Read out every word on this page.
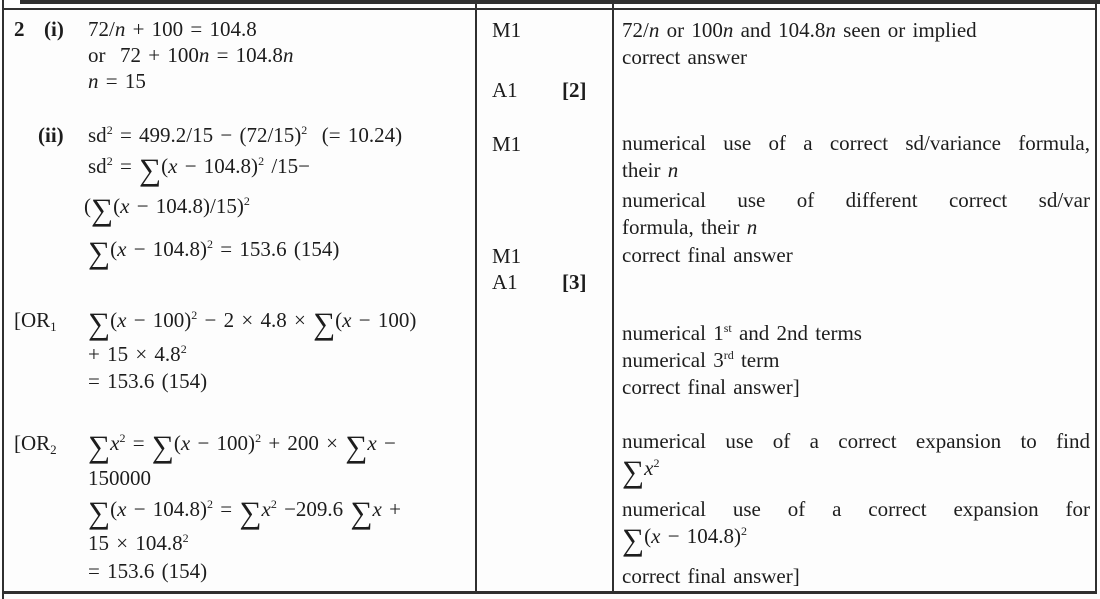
2 (i) 72/n + 100 = 104.8
or  72 + 100n = 104.8n
n = 15
(ii) $sd^2 = 499.2/15 - (72/15)^2$  (= 10.24)
$sd^2 = \sum(x - 104.8)^2$ /15−
$(\sum(x - 104.8)/15)^2$
$\sum(x - 104.8)^2 = 153.6$ (154)
[$OR_1$ $\sum(x - 100)^2 - 2 \times 4.8 \times \sum(x - 100)$
+ $15 \times 4.8^2$
= 153.6 (154)
[$OR_2$ $\sum x^2 = \sum(x - 100)^2 + 200 \times \sum x$ −
150000
$\sum(x - 104.8)^2 = \sum x^2 -209.6$ ∑x +
$15 \times 104.8^2$
= 153.6 (154)
M1
A1 [2]
M1
M1
A1 [3]
72/n or 100n and 104.8n seen or implied
correct answer
numerical use of a correct sd/variance formula,
their n
numerical use of different correct sd/var
formula, their n
correct final answer
numerical 1st and 2nd terms
numerical 3rd term
correct final answer]
numerical use of a correct expansion to find
$\sum x^2$
numerical use of a correct expansion for
$\sum(x - 104.8)^2$
correct final answer]
